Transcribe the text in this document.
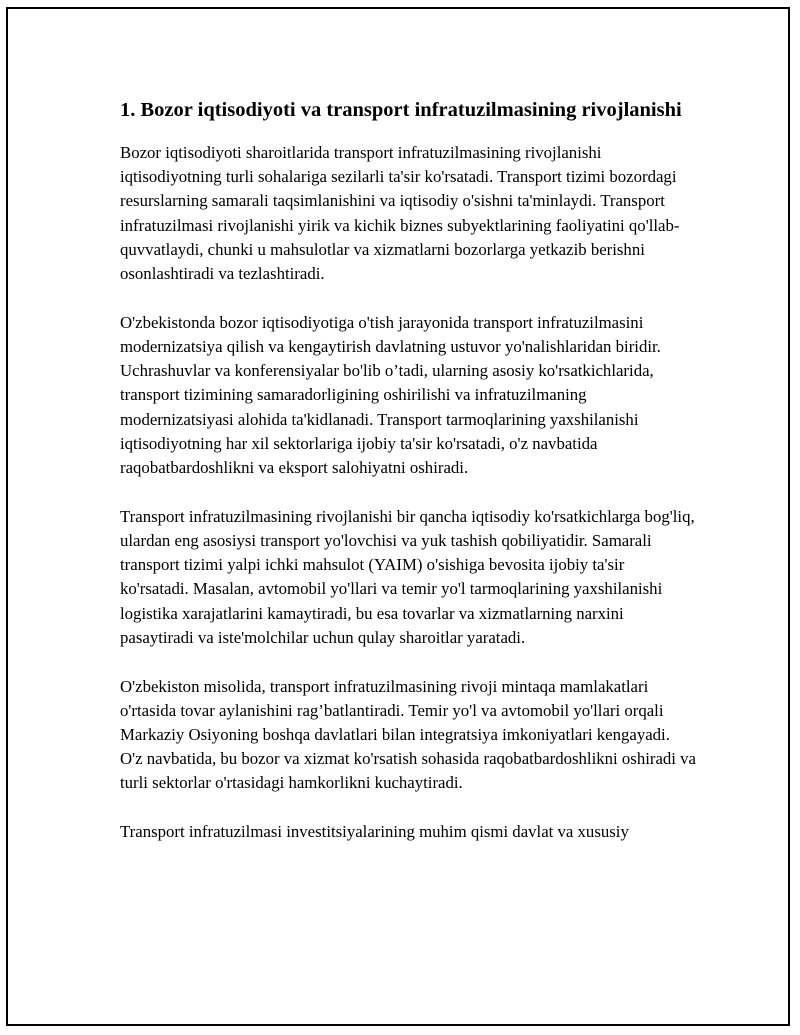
1. Bozor iqtisodiyoti va transport infratuzilmasining rivojlanishi

Bozor iqtisodiyoti sharoitlarida transport infratuzilmasining rivojlanishi iqtisodiyotning turli sohalariga sezilarli ta'sir ko'rsatadi. Transport tizimi bozordagi resurslarning samarali taqsimlanishini va iqtisodiy o'sishni ta'minlaydi. Transport infratuzilmasi rivojlanishi yirik va kichik biznes subyektlarining faoliyatini qo'llab-quvvatlaydi, chunki u mahsulotlar va xizmatlarni bozorlarga yetkazib berishni osonlashtiradi va tezlashtiradi.

O'zbekistonda bozor iqtisodiyotiga o'tish jarayonida transport infratuzilmasini modernizatsiya qilish va kengaytirish davlatning ustuvor yo'nalishlaridan biridir. Uchrashuvlar va konferensiyalar bo'lib o’tadi, ularning asosiy ko'rsatkichlarida, transport tizimining samaradorligining oshirilishi va infratuzilmaning modernizatsiyasi alohida ta'kidlanadi. Transport tarmoqlarining yaxshilanishi iqtisodiyotning har xil sektorlariga ijobiy ta'sir ko'rsatadi, o'z navbatida raqobatbardoshlikni va eksport salohiyatni oshiradi.

Transport infratuzilmasining rivojlanishi bir qancha iqtisodiy ko'rsatkichlarga bog'liq, ulardan eng asosiysi transport yo'lovchisi va yuk tashish qobiliyatidir. Samarali transport tizimi yalpi ichki mahsulot (YAIM) o'sishiga bevosita ijobiy ta'sir ko'rsatadi. Masalan, avtomobil yo'llari va temir yo'l tarmoqlarining yaxshilanishi logistika xarajatlarini kamaytiradi, bu esa tovarlar va xizmatlarning narxini pasaytiradi va iste'molchilar uchun qulay sharoitlar yaratadi.

O'zbekiston misolida, transport infratuzilmasining rivoji mintaqa mamlakatlari o'rtasida tovar aylanishini rag’batlantiradi. Temir yo'l va avtomobil yo'llari orqali Markaziy Osiyoning boshqa davlatlari bilan integratsiya imkoniyatlari kengayadi. O'z navbatida, bu bozor va xizmat ko'rsatish sohasida raqobatbardoshlikni oshiradi va turli sektorlar o'rtasidagi hamkorlikni kuchaytiradi.

Transport infratuzilmasi investitsiyalarining muhim qismi davlat va xususiy
